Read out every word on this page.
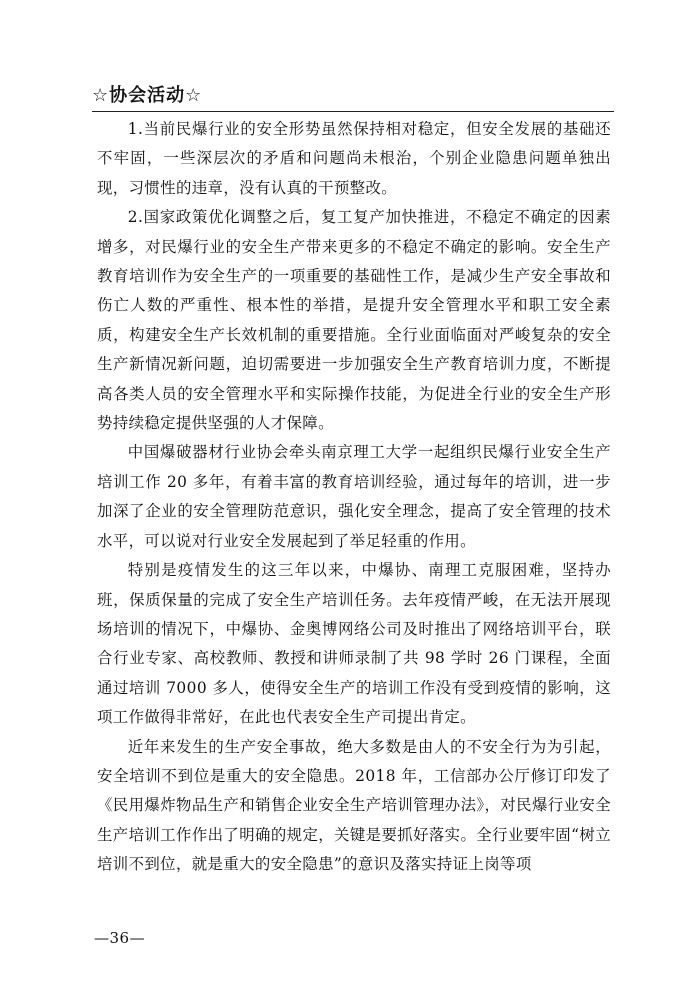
☆协会活动☆

1.当前民爆行业的安全形势虽然保持相对稳定，但安全发展的基础还不牢固，一些深层次的矛盾和问题尚未根治，个别企业隐患问题单独出现，习惯性的违章，没有认真的干预整改。

2.国家政策优化调整之后，复工复产加快推进，不稳定不确定的因素增多，对民爆行业的安全生产带来更多的不稳定不确定的影响。安全生产教育培训作为安全生产的一项重要的基础性工作，是减少生产安全事故和伤亡人数的严重性、根本性的举措，是提升安全管理水平和职工安全素质，构建安全生产长效机制的重要措施。全行业面临面对严峻复杂的安全生产新情况新问题，迫切需要进一步加强安全生产教育培训力度，不断提高各类人员的安全管理水平和实际操作技能，为促进全行业的安全生产形势持续稳定提供坚强的人才保障。

中国爆破器材行业协会牵头南京理工大学一起组织民爆行业安全生产培训工作 20 多年，有着丰富的教育培训经验，通过每年的培训，进一步加深了企业的安全管理防范意识，强化安全理念，提高了安全管理的技术水平，可以说对行业安全发展起到了举足轻重的作用。

特别是疫情发生的这三年以来，中爆协、南理工克服困难，坚持办班，保质保量的完成了安全生产培训任务。去年疫情严峻，在无法开展现场培训的情况下，中爆协、金奥博网络公司及时推出了网络培训平台，联合行业专家、高校教师、教授和讲师录制了共 98 学时 26 门课程，全面通过培训 7000 多人，使得安全生产的培训工作没有受到疫情的影响，这项工作做得非常好，在此也代表安全生产司提出肯定。

近年来发生的生产安全事故，绝大多数是由人的不安全行为为引起，安全培训不到位是重大的安全隐患。2018 年，工信部办公厅修订印发了《民用爆炸物品生产和销售企业安全生产培训管理办法》，对民爆行业安全生产培训工作作出了明确的规定，关键是要抓好落实。全行业要牢固“树立培训不到位，就是重大的安全隐患”的意识及落实持证上岗等项

—36—
